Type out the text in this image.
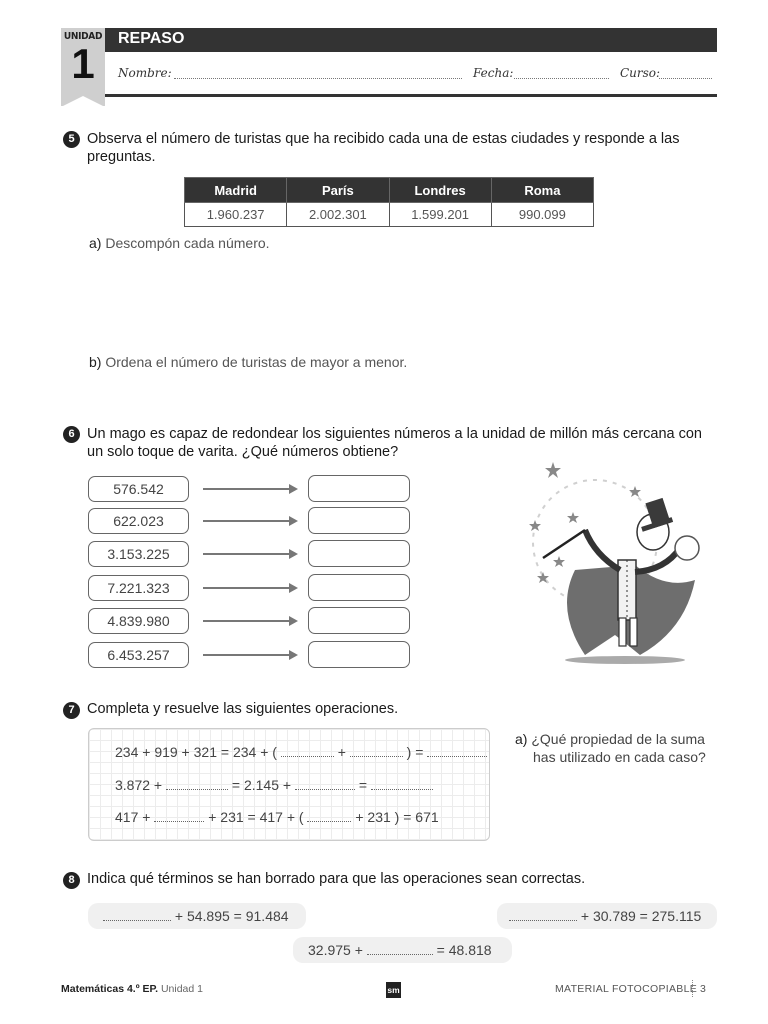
UNIDAD
1
REPASO
Nombre:	Fecha:	Curso:
5 Observa el número de turistas que ha recibido cada una de estas ciudades y responde a las
preguntas.
Madrid	París	Londres	Roma
1.960.237	2.002.301	1.599.201	990.099
a) Descompón cada número.
b) Ordena el número de turistas de mayor a menor.
6 Un mago es capaz de redondear los siguientes números a la unidad de millón más cercana con
un solo toque de varita. ¿Qué números obtiene?
576.542
622.023
3.153.225
7.221.323
4.839.980
6.453.257
7 Completa y resuelve las siguientes operaciones.
234 + 919 + 321 = 234 + (	+	) =
3.872 +	= 2.145 +	=
417 +	+ 231 = 417 + (	+ 231 ) = 671
a) ¿Qué propiedad de la suma
has utilizado en cada caso?
8 Indica qué términos se han borrado para que las operaciones sean correctas.
+ 54.895 = 91.484	+ 30.789 = 275.115
32.975 +	= 48.818
Matemáticas 4.º EP. Unidad 1	sm	MATERIAL FOTOCOPIABLE 3
